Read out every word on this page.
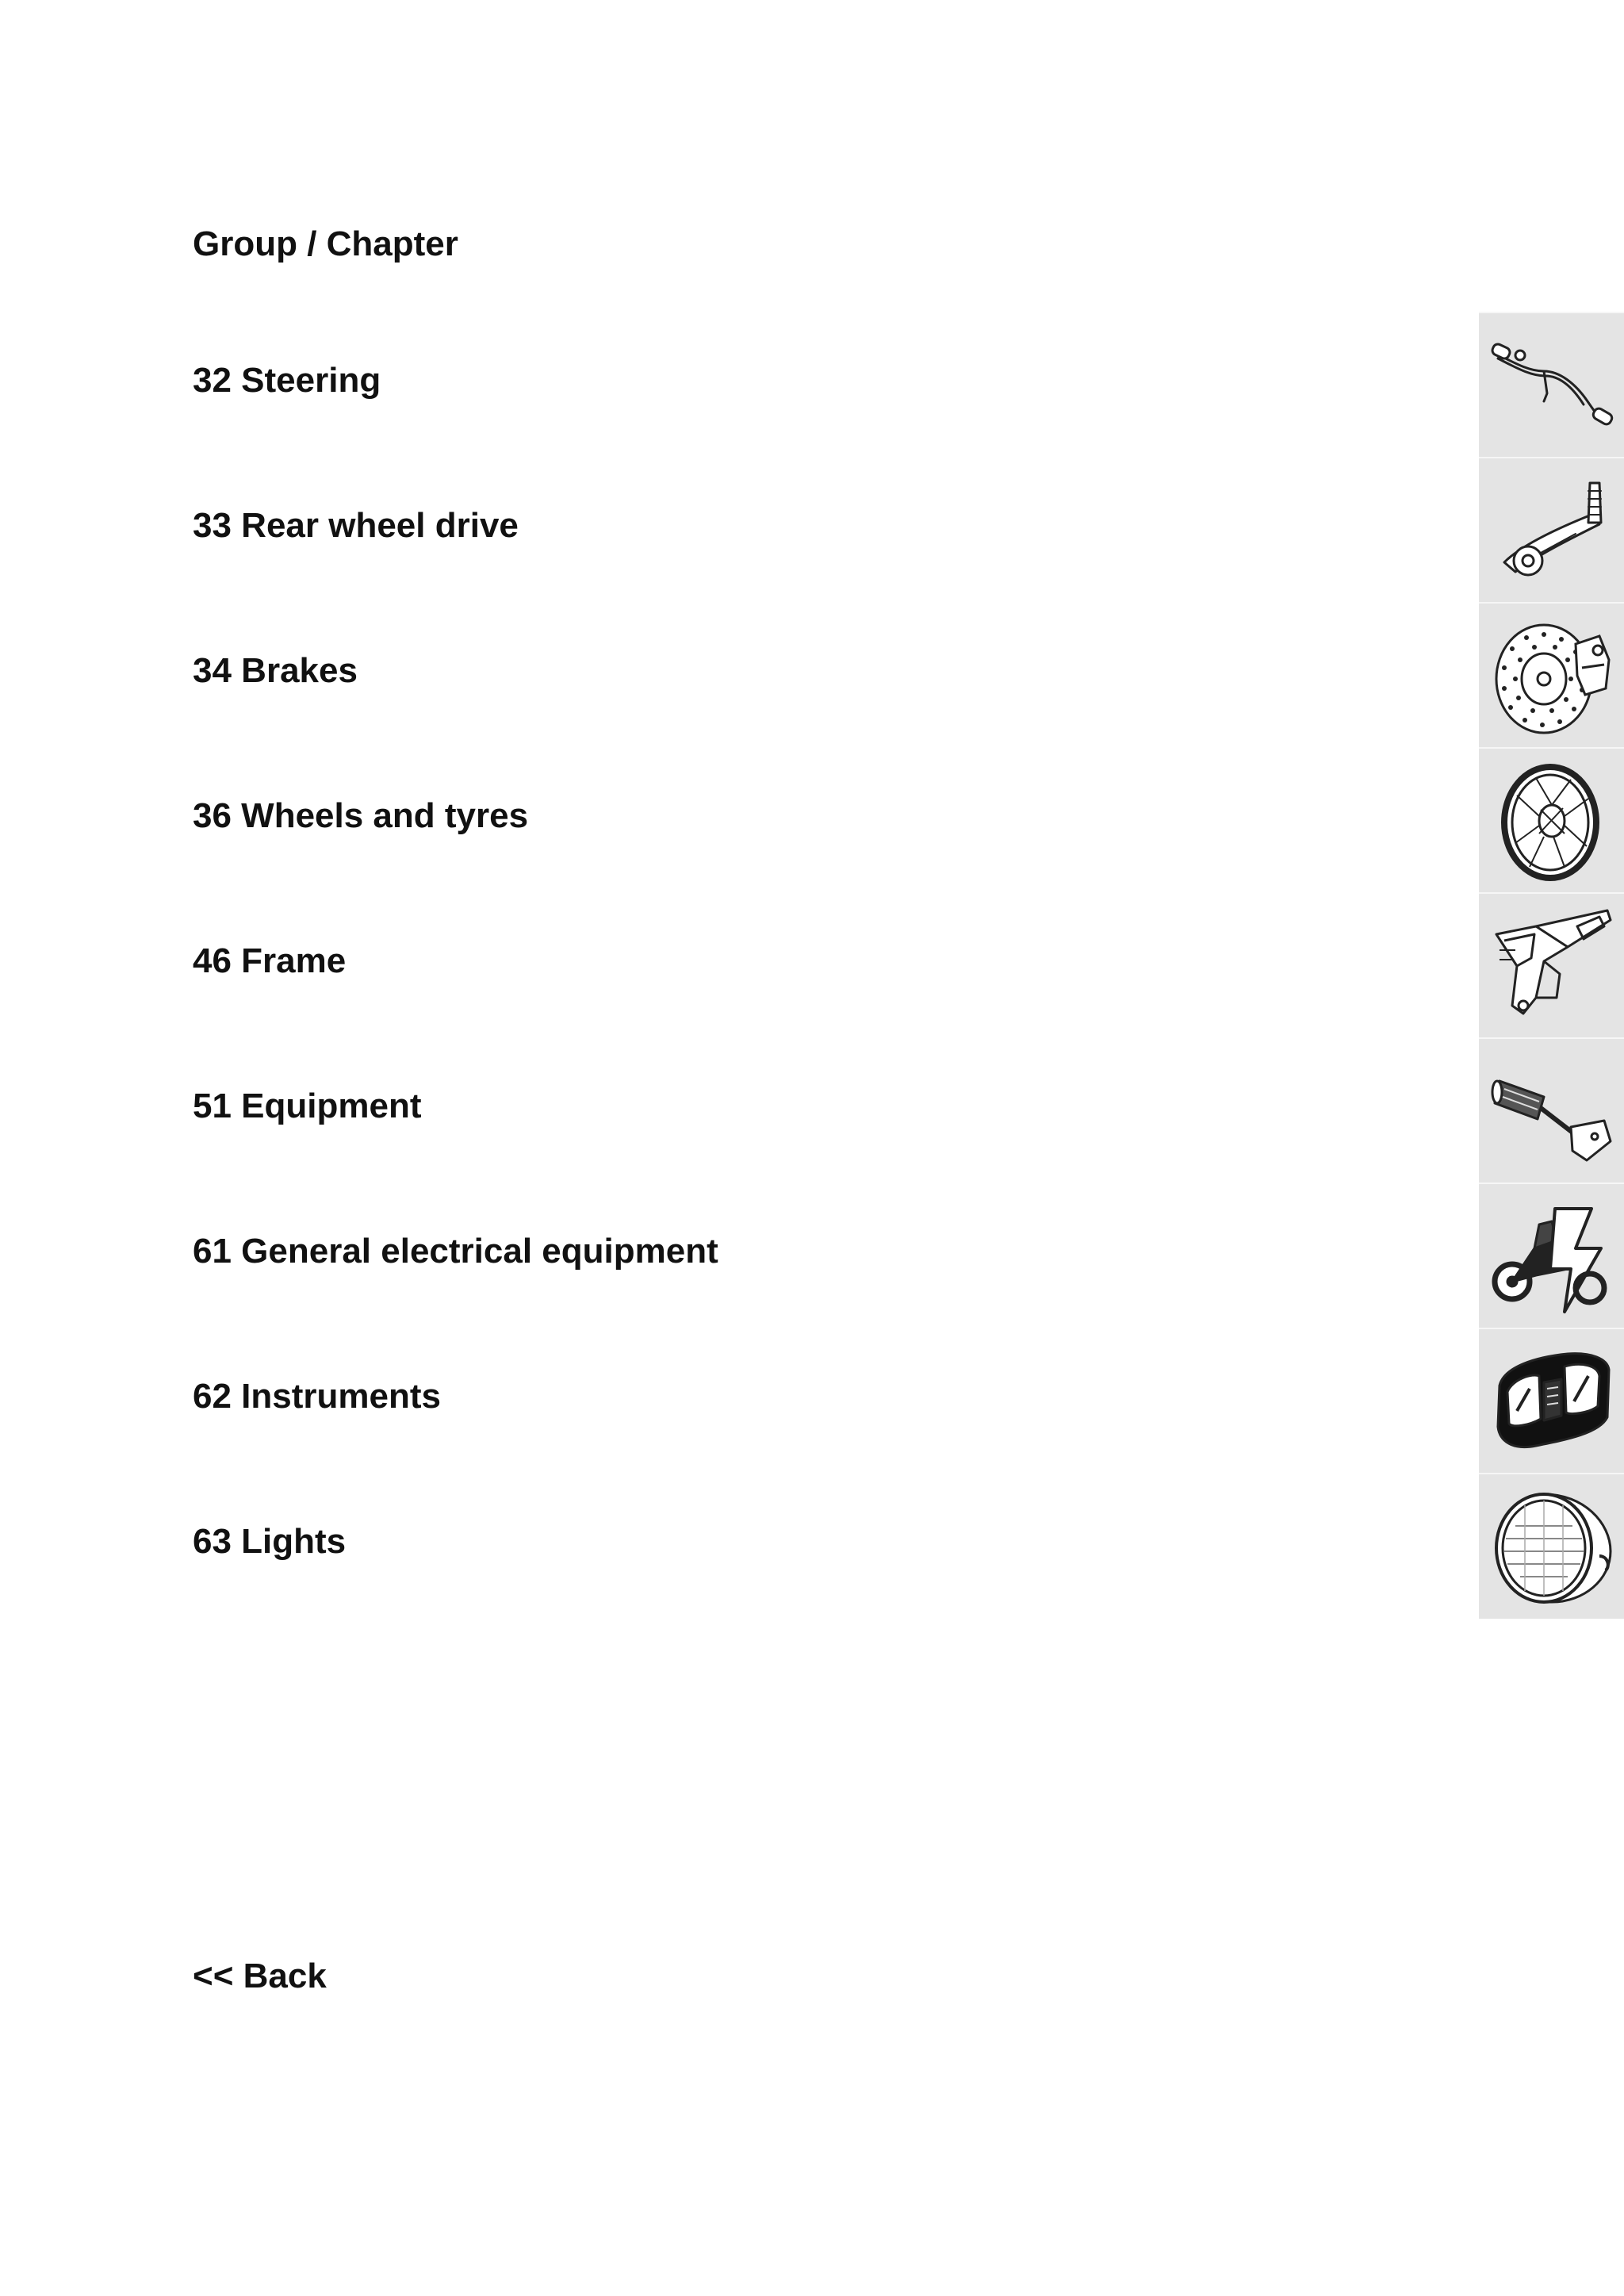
Group / Chapter
32 Steering
33 Rear wheel drive
34 Brakes
36 Wheels and tyres
46 Frame
51 Equipment
61 General electrical equipment
62 Instruments
63 Lights
<< Back
